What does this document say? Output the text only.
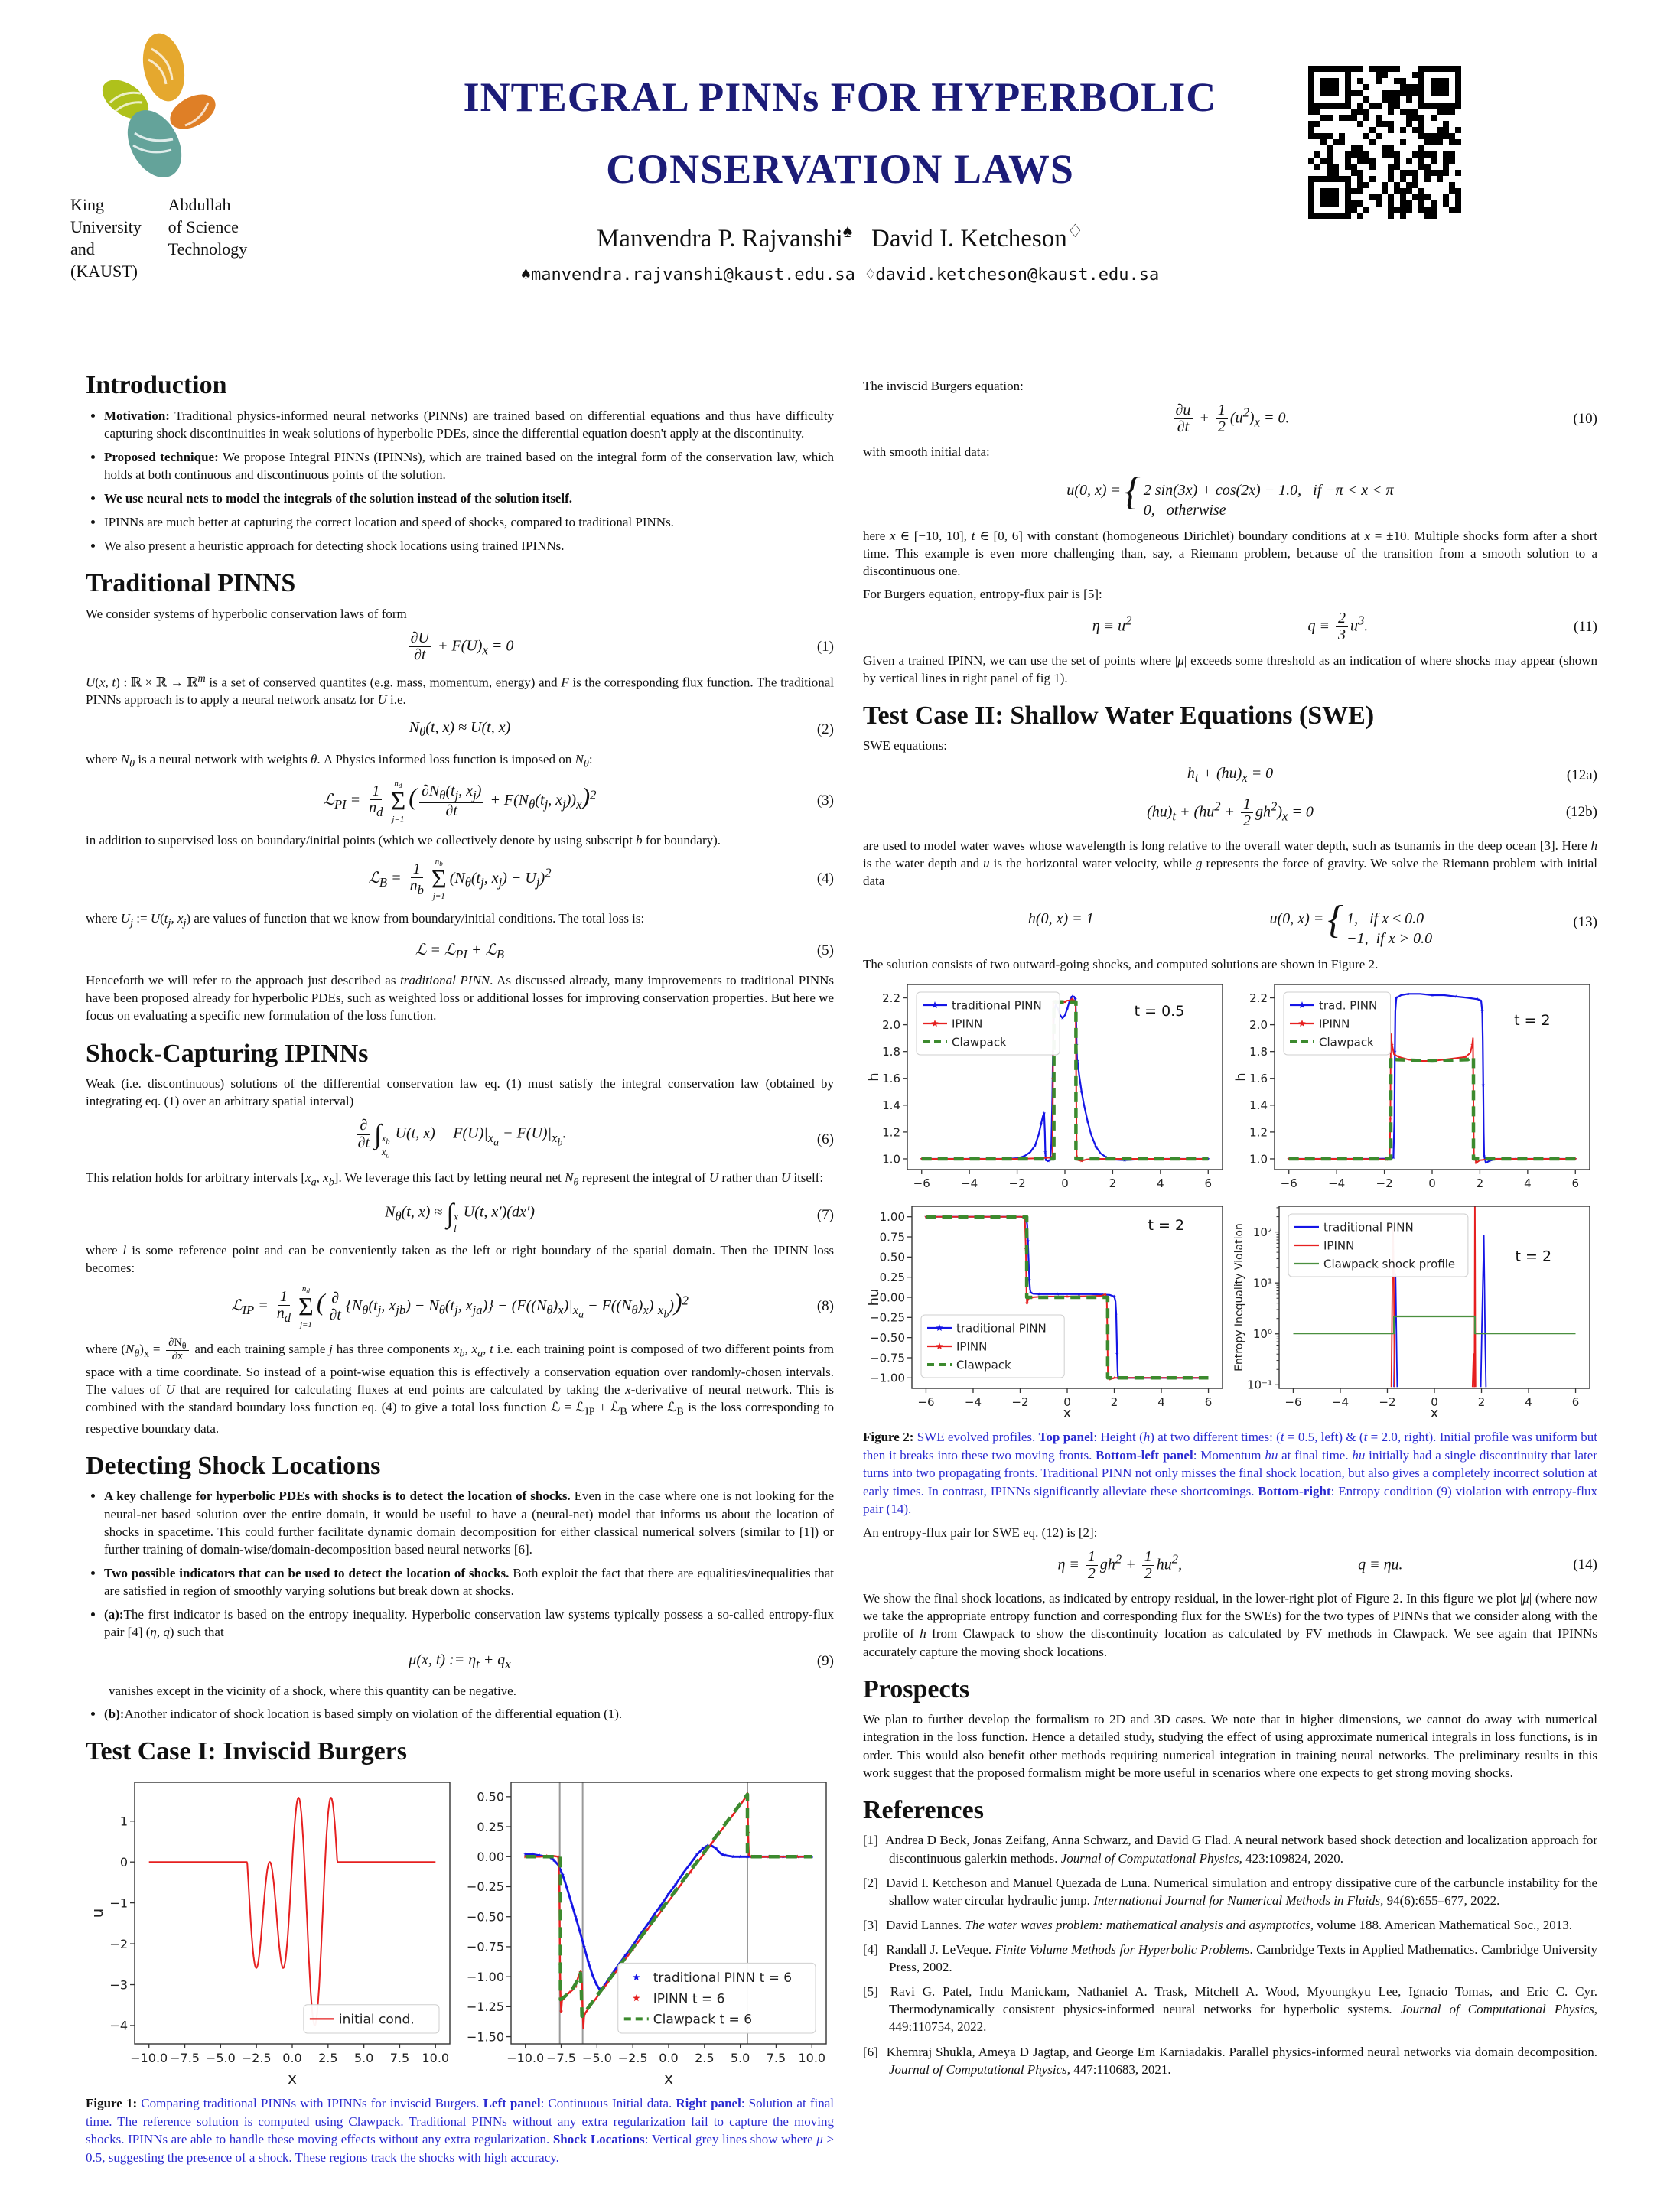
King	Abdullah
University	of Science
and	Technology
(KAUST)
INTEGRAL PINNs FOR HYPERBOLIC
CONSERVATION LAWS
Manvendra P. Rajvanshi♠   David I. Ketcheson♢
♠manvendra.rajvanshi@kaust.edu.sa ♢david.ketcheson@kaust.edu.sa
Introduction
• Motivation: Traditional physics-informed neural networks (PINNs) are trained based on differential equations and thus have difficulty capturing shock discontinuities in weak solutions of hyperbolic PDEs, since the differential equation doesn't apply at the discontinuity.
• Proposed technique: We propose Integral PINNs (IPINNs), which are trained based on the integral form of the conservation law, which holds at both continuous and discontinuous points of the solution.
• We use neural nets to model the integrals of the solution instead of the solution itself.
• IPINNs are much better at capturing the correct location and speed of shocks, compared to traditional PINNs.
• We also present a heuristic approach for detecting shock locations using trained IPINNs.
Traditional PINNS

We consider systems of hyperbolic conservation laws of form

$\frac{\partial U}{\partial t} + F(U)_x = 0$	(1)

U(x, t) : ℝ × ℝ → ℝ$^m$ is a set of conserved quantites (e.g. mass, momentum, energy) and F is the corresponding flux function. The traditional PINNs approach is to apply a neural network ansatz for U i.e.

$N_\theta(t$, x) ≈ U(t, x)	(2)

where $N_\theta$ is a neural network with weights θ. A Physics informed loss function is imposed on $N_\theta$:

ℒ$_{PI}$ = $\frac{1}{n_d} n_d$
Σ
j=1
( $\frac{\partial N_\theta(t_j, x_j)}{\partial t} + F(N_\theta(t_j$, $x_j))_x)^2$	(3)

in addition to supervised loss on boundary/initial points (which we collectively denote by using subscript b for boundary).

ℒ$_B$ = $\frac{1}{n_b} n_b$
Σ
j=1
($N_\theta(t_j$, $x_j) - U_j)^2$	(4)

where $U_j$ := $U(t_j$, $x_j$) are values of function that we know from boundary/initial conditions. The total loss is:

ℒ = ℒ$_{PI}$ + ℒ$_B$	(5)

Henceforth we will refer to the approach just described as traditional PINN. As discussed already, many improvements to traditional PINNs have been proposed already for hyperbolic PDEs, such as weighted loss or additional losses for improving conservation properties. But here we focus on evaluating a specific new formulation of the loss function.

Shock-Capturing IPINNs

Weak (i.e. discontinuous) solutions of the differential conservation law eq. (1) must satisfy the integral conservation law (obtained by integrating eq. (1) over an arbitrary spatial interval)

∂
∂t ∫ $x_b$
$x_a$
U(t, $x) = F(U)|_{x_a} - F(U)|_{x_b}$.	(6)

This relation holds for arbitrary intervals [$x_a$, $x_b$]. We leverage this fact by letting neural net $N_\theta$ represent the integral of U rather than U itself:

$N_\theta(t$, x) ≈ ∫ x
l
U(t, x′)(dx′)	(7)

where l is some reference point and can be conveniently taken as the left or right boundary of the spatial domain. Then the IPINN loss becomes:

ℒ$_{IP}$ = $\frac{1}{n_d} n_d$
Σ
j=1
( ∂
∂t
{$N_\theta(t_j$, $x_{jb}) - N_\theta(t_j$, $x_{ja})\} - (F((N_\theta)_x)|_{x_a} - F((N_\theta)_x)|_{x_b}))^2$	(8)

where $(N_\theta)_x = \frac{\partial N_\theta}{\partial x}$ and each training sample j has three components $x_b$, $x_a$, t i.e. each training point is composed of two different points from space with a time coordinate. So instead of a point-wise equation this is effectively a conservation equation over randomly-chosen intervals. The values of U that are required for calculating fluxes at end points are calculated by taking the x-derivative of neural network. This is combined with the standard boundary loss function eq. (4) to give a total loss function ℒ = ℒ$_{IP}$ + ℒ$_B$ where ℒ$_B$ is the loss corresponding to respective boundary data.

Detecting Shock Locations
• A key challenge for hyperbolic PDEs with shocks is to detect the location of shocks. Even in the case where one is not looking for the neural-net based solution over the entire domain, it would be useful to have a (neural-net) model that informs us about the location of shocks in spacetime. This could further facilitate dynamic domain decomposition for either classical numerical solvers (similar to [1]) or further training of domain-wise/domain-decomposition based neural networks [6].
• Two possible indicators that can be used to detect the location of shocks. Both exploit the fact that there are equalities/inequalities that are satisfied in region of smoothly varying solutions but break down at shocks.
• (a):The first indicator is based on the entropy inequality. Hyperbolic conservation law systems typically possess a so-called entropy-flux pair [4] (η, q) such that
μ(x, t) := $\eta_t + q_x$	(9)

vanishes except in the vicinity of a shock, where this quantity can be negative.

• (b):Another indicator of shock location is based simply on violation of the differential equation (1).
Test Case I: Inviscid Burgers
−10.0 −7.5 −5.0 −2.5 0.0 2.5 5.0 7.5 10.0
1
0
−1
−2
−3
−4
x
u
initial cond.
−10.0 −7.5 −5.0 −2.5 0.0 2.5 5.0 7.5 10.0
0.50
0.25
0.00
−0.25
−0.50
−0.75
−1.00
−1.25
−1.50
x
traditional PINN t = 6
IPINN t = 6
Clawpack t = 6

Figure 1: Comparing traditional PINNs with IPINNs for inviscid Burgers. Left panel: Continuous Initial data. Right panel: Solution at final time. The reference solution is computed using Clawpack. Traditional PINNs without any extra regularization fail to capture the moving shocks. IPINNs are able to handle these moving effects without any extra regularization. Shock Locations: Vertical grey lines show where μ > 0.5, suggesting the presence of a shock. These regions track the shocks with high accuracy.

The inviscid Burgers equation:

$\frac{\partial u}{\partial t} + \frac{1}{2} (u^2)_x = 0$.	(10)

with smooth initial data:

u(0, x) = { 2 sin(3x) + cos(2x) − 1.0,   if −π < x < π
0,   otherwise

here x ∈ [−10, 10], t ∈ [0, 6] with constant (homogeneous Dirichlet) boundary conditions at x = ±10. Multiple shocks form after a short time. This example is even more challenging than, say, a Riemann problem, because of the transition from a smooth solution to a discontinuous one.

For Burgers equation, entropy-flux pair is [5]:

$\eta \equiv u^2$	$q \equiv \frac{2}{3} u^3$.	(11)

Given a trained IPINN, we can use the set of points where |μ| exceeds some threshold as an indication of where shocks may appear (shown by vertical lines in right panel of fig 1).

Test Case II: Shallow Water Equations (SWE)

SWE equations:

$h_t + (hu)_x = 0$	(12a)
$(hu)_t + (hu^2 + \frac{1}{2} gh^2)_x = 0$	(12b)

are used to model water waves whose wavelength is long relative to the overall water depth, such as tsunamis in the deep ocean [3]. Here h is the water depth and u is the horizontal water velocity, while g represents the force of gravity. We solve the Riemann problem with initial data

h(0, x) = 1	u(0, x) = { 1,   if x ≤ 0.0
−1,  if x > 0.0
(13)

The solution consists of two outward-going shocks, and computed solutions are shown in Figure 2.

−6	−4	−2	0	2	4	6
1.0
1.2
1.4
1.6
1.8
2.0
2.2
h
t = 0.5
traditional PINN
IPINN
Clawpack
−6	−4	−2	0	2	4	6
1.0
1.2
1.4
1.6
1.8
2.0
2.2
h
t = 2
trad. PINN
IPINN
Clawpack
−6	−4	−2	0	2	4	6
1.00
0.75
0.50
0.25
0.00
−0.25
−0.50
−0.75
−1.00
x
hu
t = 2
traditional PINN
IPINN
Clawpack
−6	−4	−2	0	2	4	6
10²
10¹
10⁰
10⁻¹
x
Entropy Inequality Violation	t = 2
traditional PINN
IPINN
Clawpack shock profile

Figure 2: SWE evolved profiles. Top panel: Height (h) at two different times: (t = 0.5, left) & (t = 2.0, right). Initial profile was uniform but then it breaks into these two moving fronts. Bottom-left panel: Momentum hu at final time. hu initially had a single discontinuity that later turns into two propagating fronts. Traditional PINN not only misses the final shock location, but also gives a completely incorrect solution at early times. In contrast, IPINNs significantly alleviate these shortcomings. Bottom-right: Entropy condition (9) violation with entropy-flux pair (14).

An entropy-flux pair for SWE eq. (12) is [2]:

$\eta \equiv \frac{1}{2} gh^2 + \frac{1}{2} hu^2$,	q ≡ ηu.	(14)

We show the final shock locations, as indicated by entropy residual, in the lower-right plot of Figure 2. In this figure we plot |μ| (where now we take the appropriate entropy function and corresponding flux for the SWEs) for the two types of PINNs that we consider along with the profile of h from Clawpack to show the discontinuity location as calculated by FV methods in Clawpack. We see again that IPINNs accurately capture the moving shock locations.

Prospects

We plan to further develop the formalism to 2D and 3D cases. We note that in higher dimensions, we cannot do away with numerical integration in the loss function. Hence a detailed study, studying the effect of using approximate numerical integrals in loss functions, is in order. This would also benefit other methods requiring numerical integration in training neural networks. The preliminary results in this work suggest that the proposed formalism might be more useful in scenarios where one expects to get strong moving shocks.

References
[1] Andrea D Beck, Jonas Zeifang, Anna Schwarz, and David G Flad. A neural network based shock detection and localization approach for discontinuous galerkin methods. Journal of Computational Physics, 423:109824, 2020.
[2] David I. Ketcheson and Manuel Quezada de Luna. Numerical simulation and entropy dissipative cure of the carbuncle instability for the shallow water circular hydraulic jump. International Journal for Numerical Methods in Fluids, 94(6):655–677, 2022.
[3] David Lannes. The water waves problem: mathematical analysis and asymptotics, volume 188. American Mathematical Soc., 2013.
[4] Randall J. LeVeque. Finite Volume Methods for Hyperbolic Problems. Cambridge Texts in Applied Mathematics. Cambridge University Press, 2002.
[5] Ravi G. Patel, Indu Manickam, Nathaniel A. Trask, Mitchell A. Wood, Myoungkyu Lee, Ignacio Tomas, and Eric C. Cyr. Thermodynamically consistent physics-informed neural networks for hyperbolic systems. Journal of Computational Physics, 449:110754, 2022.
[6] Khemraj Shukla, Ameya D Jagtap, and George Em Karniadakis. Parallel physics-informed neural networks via domain decomposition. Journal of Computational Physics, 447:110683, 2021.
